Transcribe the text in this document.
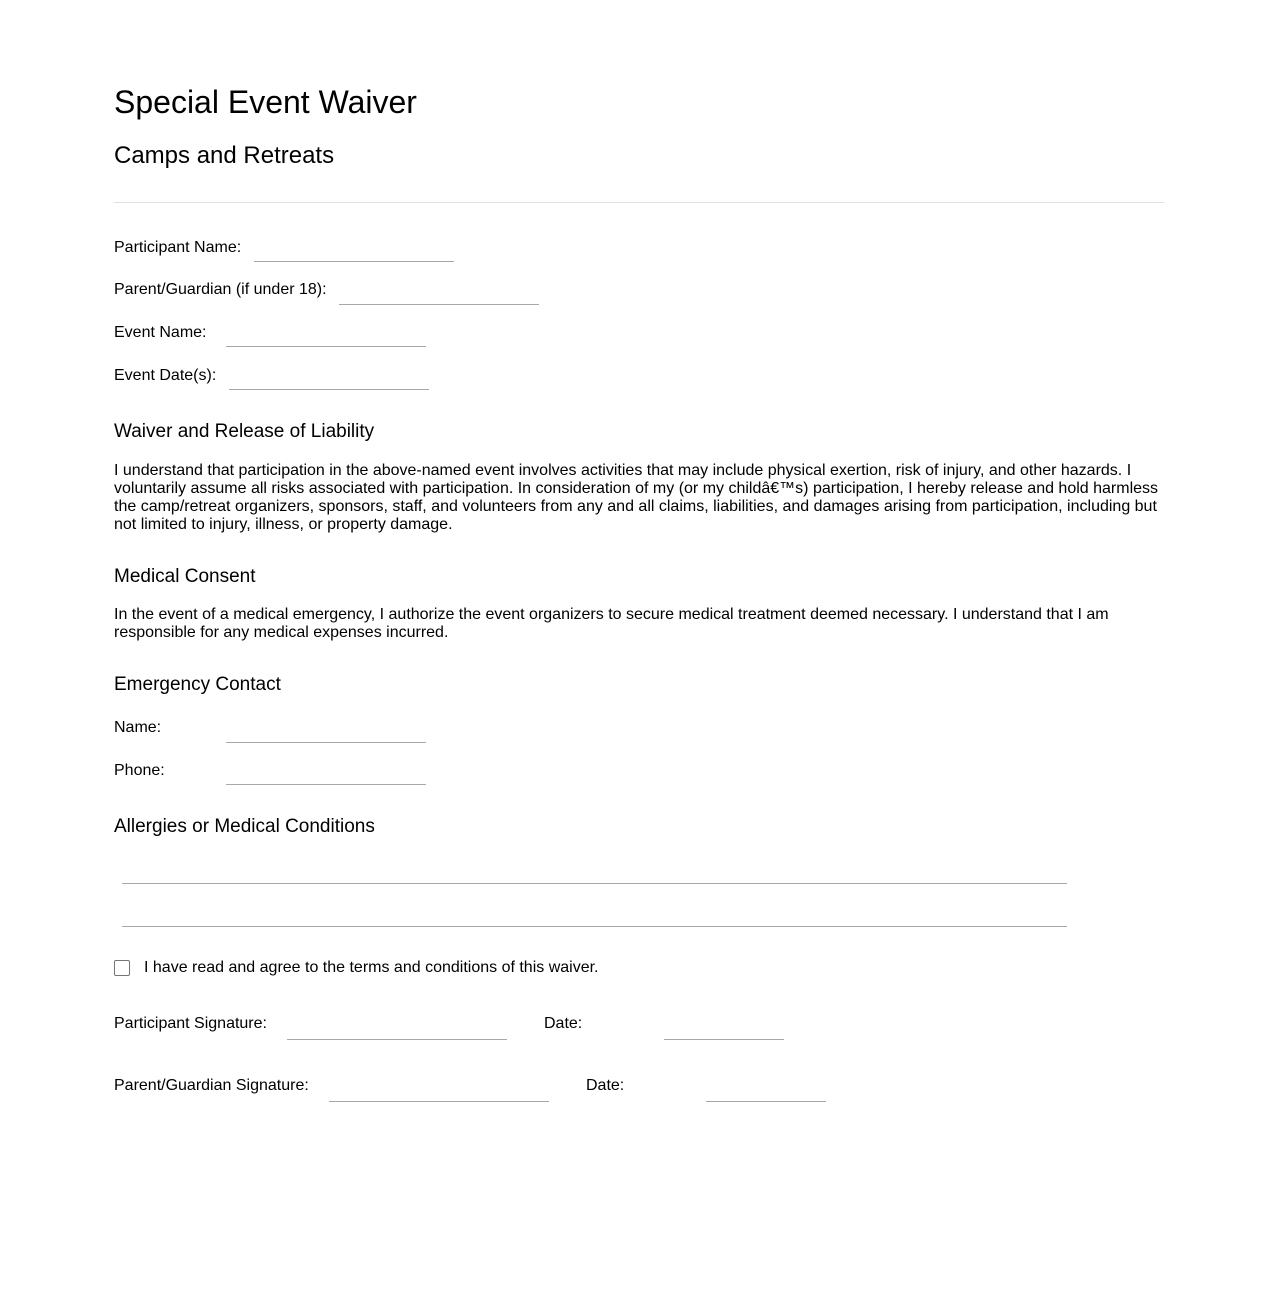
Special Event Waiver
Camps and Retreats
Participant Name:
Parent/Guardian (if under 18):
Event Name:
Event Date(s):
Waiver and Release of Liability

I understand that participation in the above-named event involves activities that may include physical exertion, risk of injury, and other hazards. I voluntarily assume all risks associated with participation. In consideration of my (or my childâ€™s) participation, I hereby release and hold harmless the camp/retreat organizers, sponsors, staff, and volunteers from any and all claims, liabilities, and damages arising from participation, including but not limited to injury, illness, or property damage.

Medical Consent

In the event of a medical emergency, I authorize the event organizers to secure medical treatment deemed necessary. I understand that I am responsible for any medical expenses incurred.

Emergency Contact
Name:
Phone:
Allergies or Medical Conditions
I have read and agree to the terms and conditions of this waiver.
Participant Signature:	Date:
Parent/Guardian Signature:	Date:
